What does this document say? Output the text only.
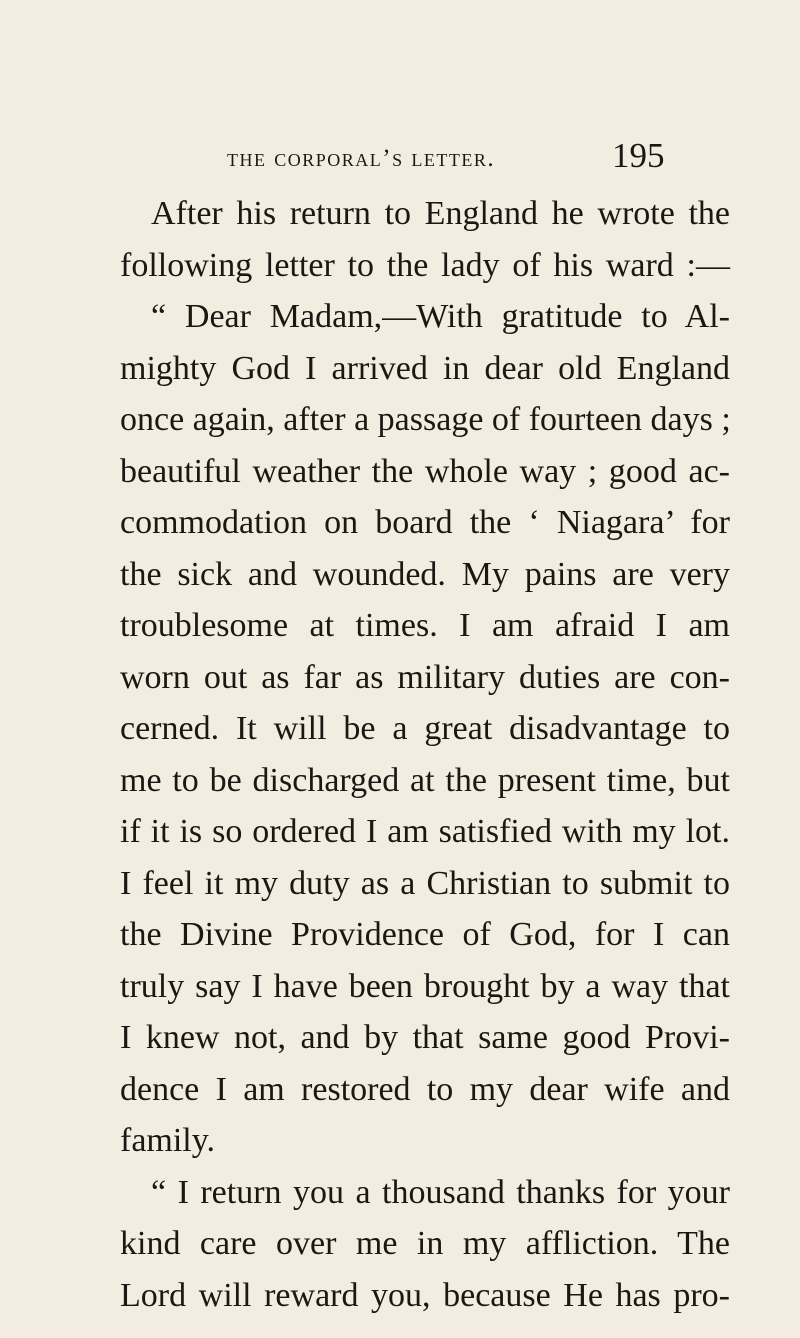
the corporal’s letter.	195
After his return to England he wrote the
following letter to the lady of his ward :—
“ Dear Madam,—With gratitude to Al-
mighty God I arrived in dear old England
once again, after a passage of fourteen days ;
beautiful weather the whole way ; good ac-
commodation on board the ‘ Niagara’ for
the sick and wounded. My pains are very
troublesome at times. I am afraid I am
worn out as far as military duties are con-
cerned. It will be a great disadvantage to
me to be discharged at the present time, but
if it is so ordered I am satisfied with my lot.
I feel it my duty as a Christian to submit to
the Divine Providence of God, for I can
truly say I have been brought by a way that
I knew not, and by that same good Provi-
dence I am restored to my dear wife and
family.
“ I return you a thousand thanks for your
kind care over me in my affliction. The
Lord will reward you, because He has pro-
